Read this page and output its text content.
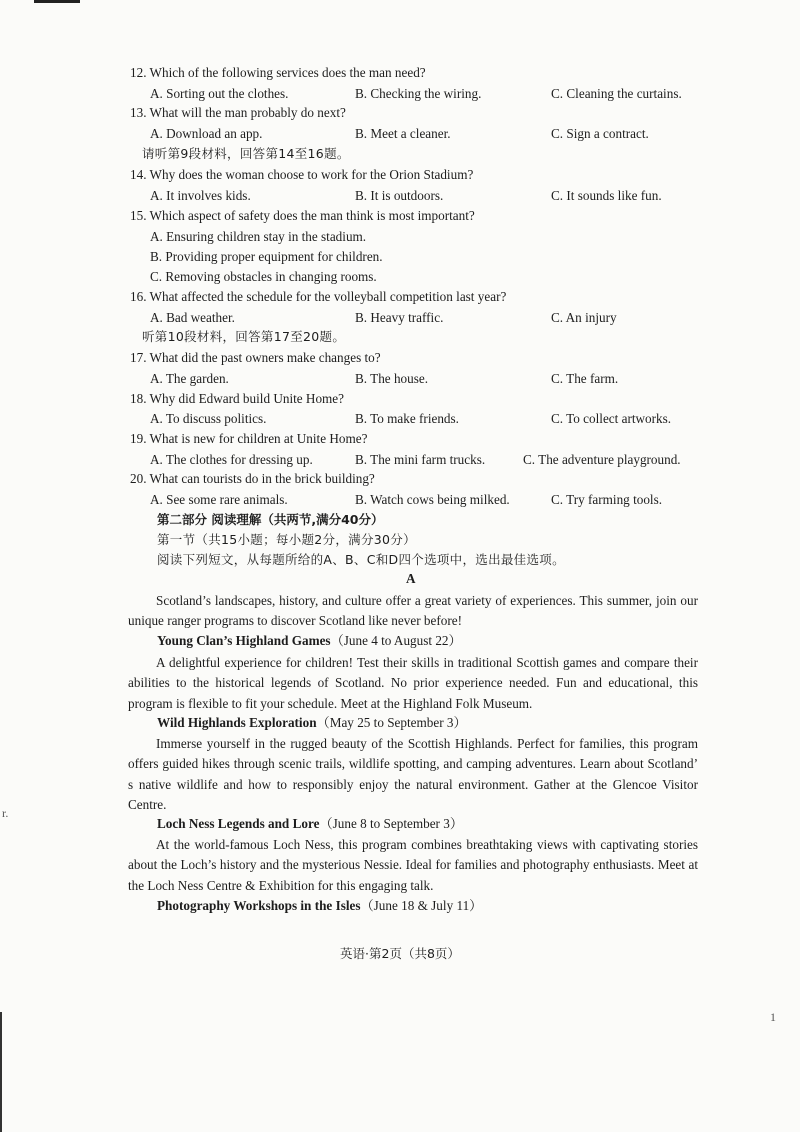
12. Which of the following services does the man need?
A. Sorting out the clothes.	B. Checking the wiring.	C. Cleaning the curtains.
13. What will the man probably do next?
A. Download an app.	B. Meet a cleaner.	C. Sign a contract.
请听第9段材料，回答第14至16题。
14. Why does the woman choose to work for the Orion Stadium?
A. It involves kids.	B. It is outdoors.	C. It sounds like fun.
15. Which aspect of safety does the man think is most important?
A. Ensuring children stay in the stadium.
B. Providing proper equipment for children.
C. Removing obstacles in changing rooms.
16. What affected the schedule for the volleyball competition last year?
A. Bad weather.	B. Heavy traffic.	C. An injury
听第10段材料，回答第17至20题。
17. What did the past owners make changes to?
A. The garden.	B. The house.	C. The farm.
18. Why did Edward build Unite Home?
A. To discuss politics.	B. To make friends.	C. To collect artworks.
19. What is new for children at Unite Home?
A. The clothes for dressing up.	B. The mini farm trucks.	C. The adventure playground.
20. What can tourists do in the brick building?
A. See some rare animals.	B. Watch cows being milked.	C. Try farming tools.
第二部分 阅读理解（共两节,满分40分）
第一节（共15小题；每小题2分，满分30分）
阅读下列短文，从每题所给的A、B、C和D四个选项中，选出最佳选项。
A
Scotland’s landscapes, history, and culture offer a great variety of experiences. This summer, join our unique ranger programs to discover Scotland like never before!
Young Clan’s Highland Games（June 4 to August 22）
A delightful experience for children! Test their skills in traditional Scottish games and compare their abilities to the historical legends of Scotland. No prior experience needed. Fun and educational, this program is flexible to fit your schedule. Meet at the Highland Folk Museum.
Wild Highlands Exploration（May 25 to September 3）
Immerse yourself in the rugged beauty of the Scottish Highlands. Perfect for families, this program offers guided hikes through scenic trails, wildlife spotting, and camping adventures. Learn about Scotland’ s native wildlife and how to responsibly enjoy the natural environment. Gather at the Glencoe Visitor Centre.
Loch Ness Legends and Lore（June 8 to September 3）
At the world-famous Loch Ness, this program combines breathtaking views with captivating stories about the Loch’s history and the mysterious Nessie. Ideal for families and photography enthusiasts. Meet at the Loch Ness Centre & Exhibition for this engaging talk.
Photography Workshops in the Isles（June 18 & July 11）
英语·第2页（共8页）
r.
1
